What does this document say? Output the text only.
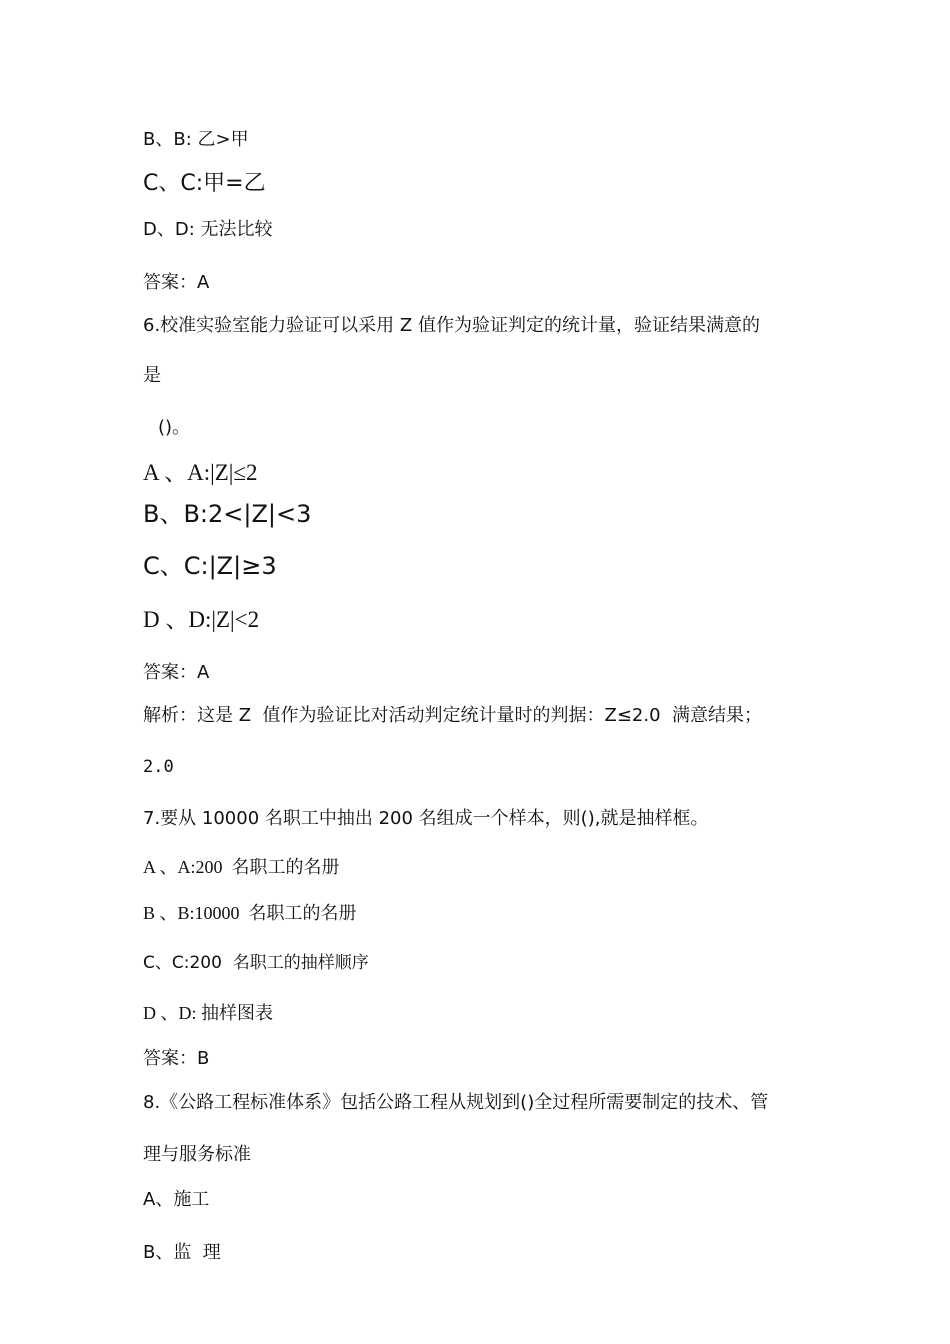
B、B: 乙>甲
C、C:甲=乙
D、D: 无法比较
答案：A
6.校准实验室能力验证可以采用 Z 值作为验证判定的统计量，验证结果满意的
是
()。
A 、A:|Z|≤2
B、B:2<|Z|<3
C、C:|Z|≥3
D 、D:|Z|<2
答案：A
解析：这是 Z  值作为验证比对活动判定统计量时的判据：Z≤2.0  满意结果；
2.0
7.要从 10000 名职工中抽出 200 名组成一个样本，则(),就是抽样框。
A 、A:200  名职工的名册
B 、B:10000  名职工的名册
C、C:200  名职工的抽样顺序
D 、D: 抽样图表
答案：B
8.《公路工程标准体系》包括公路工程从规划到()全过程所需要制定的技术、管
理与服务标准
A、施工
B、监  理
